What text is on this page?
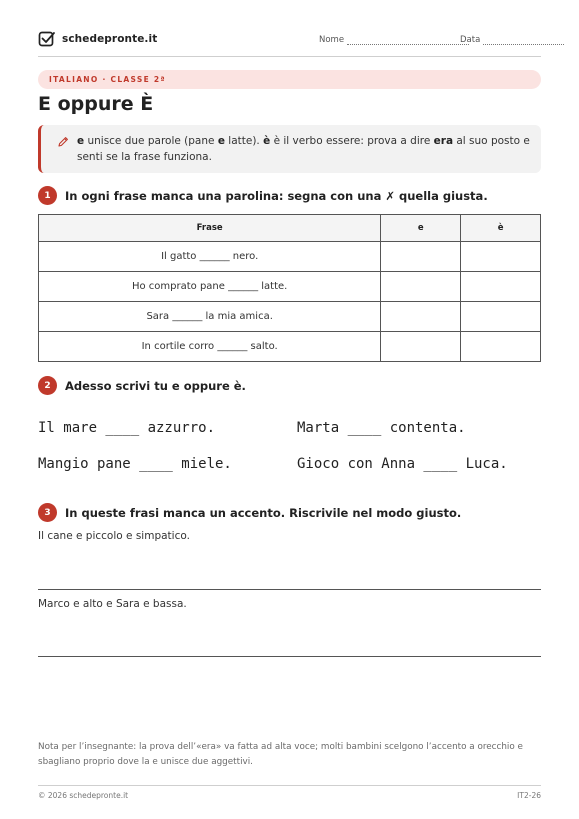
schedepronte.it	Nome	Data
ITALIANO · CLASSE 2ª
E oppure È
e unisce due parole (pane e latte). è è il verbo essere: prova a dire era al suo posto e senti se la frase funziona.
1	In ogni frase manca una parolina: segna con una ✗ quella giusta.
Frase	e	è
Il gatto ______ nero.		
Ho comprato pane ______ latte.		
Sara ______ la mia amica.		
In cortile corro ______ salto.		
2	Adesso scrivi tu e oppure è.
Il mare ____ azzurro.	Marta ____ contenta.
Mangio pane ____ miele.	Gioco con Anna ____ Luca.
3	In queste frasi manca un accento. Riscrivile nel modo giusto.
Il cane e piccolo e simpatico.
Marco e alto e Sara e bassa.
Nota per l’insegnante: la prova dell’«era» va fatta ad alta voce; molti bambini scelgono l’accento a orecchio e sbagliano proprio dove la e unisce due aggettivi.
© 2026 schedepronte.it	IT2-26
